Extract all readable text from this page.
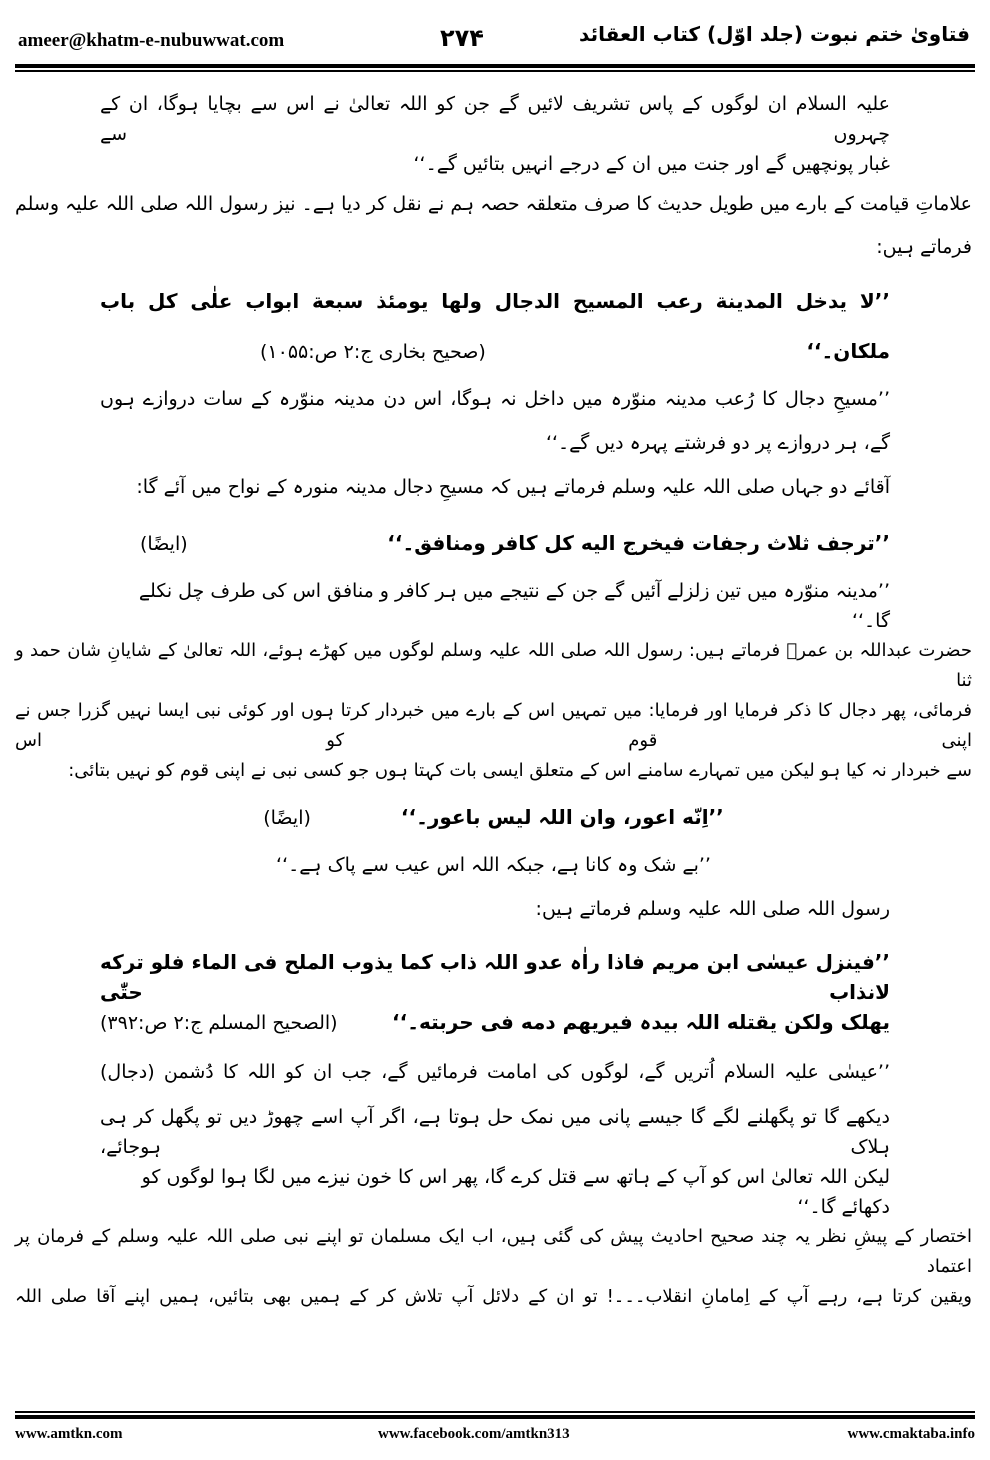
ameer@khatm-e-nubuwwat.com	۲۷۴	فتاویٰ ختم نبوت (جلد اوّل) کتاب العقائد
علیہ السلام ان لوگوں کے پاس تشریف لائیں گے جن کو اللہ تعالیٰ نے اس سے بچایا ہوگا، ان کے چہروں سے
غبار پونچھیں گے اور جنت میں ان کے درجے انہیں بتائیں گے۔‘‘
علاماتِ قیامت کے بارے میں طویل حدیث کا صرف متعلقہ حصہ ہم نے نقل کر دیا ہے۔ نیز رسول اللہ صلی اللہ علیہ وسلم
فرماتے ہیں:
’’لا یدخل المدینة رعب المسیح الدجال ولها یومئذ سبعة ابواب علٰی کل باب
ملکان۔‘‘
(صحیح بخاری ج:۲ ص:۱۰۵۵)
’’مسیحِ دجال کا رُعب مدینہ منوّرہ میں داخل نہ ہوگا، اس دن مدینہ منوّرہ کے سات دروازے ہوں
گے، ہر دروازے پر دو فرشتے پہرہ دیں گے۔‘‘
آقائے دو جہاں صلی اللہ علیہ وسلم فرماتے ہیں کہ مسیحِ دجال مدینہ منورہ کے نواح میں آئے گا:
’’ترجف ثلاث رجفات فیخرج الیه کل کافر ومنافق۔‘‘
(ایضًا)
’’مدینہ منوّرہ میں تین زلزلے آئیں گے جن کے نتیجے میں ہر کافر و منافق اس کی طرف چل نکلے گا۔‘‘
حضرت عبداللہ بن عمرؓ فرماتے ہیں: رسول اللہ صلی اللہ علیہ وسلم لوگوں میں کھڑے ہوئے، اللہ تعالیٰ کے شایانِ شان حمد و ثنا
فرمائی، پھر دجال کا ذکر فرمایا اور فرمایا: میں تمہیں اس کے بارے میں خبردار کرتا ہوں اور کوئی نبی ایسا نہیں گزرا جس نے اپنی قوم کو اس
سے خبردار نہ کیا ہو لیکن میں تمہارے سامنے اس کے متعلق ایسی بات کہتا ہوں جو کسی نبی نے اپنی قوم کو نہیں بتائی:
’’اِنّه اعور، وان اللہ لیس باعور۔‘‘
(ایضًا)
’’بے شک وہ کانا ہے، جبکہ اللہ اس عیب سے پاک ہے۔‘‘
رسول اللہ صلی اللہ علیہ وسلم فرماتے ہیں:
’’فینزل عیسٰی ابن مریم فاذا راٰہ عدو اللہ ذاب کما یذوب الملح فی الماء فلو ترکه لانذاب حتّٰی
یھلک ولکن یقتله اللہ بیدہ فیریھم دمه فی حربته۔‘‘
(الصحیح المسلم ج:۲ ص:۳۹۲)
’’عیسٰی علیہ السلام اُتریں گے، لوگوں کی امامت فرمائیں گے، جب ان کو اللہ کا دُشمن (دجال)
دیکھے گا تو پگھلنے لگے گا جیسے پانی میں نمک حل ہوتا ہے، اگر آپ اسے چھوڑ دیں تو پگھل کر ہی ہلاک ہوجائے،
لیکن اللہ تعالیٰ اس کو آپ کے ہاتھ سے قتل کرے گا، پھر اس کا خون نیزے میں لگا ہوا لوگوں کو دکھائے گا۔‘‘
اختصار کے پیشِ نظر یہ چند صحیح احادیث پیش کی گئی ہیں، اب ایک مسلمان تو اپنے نبی صلی اللہ علیہ وسلم کے فرمان پر اعتماد
ویقین کرتا ہے، رہے آپ کے اِمامانِ انقلاب۔۔۔! تو ان کے دلائل آپ تلاش کر کے ہمیں بھی بتائیں، ہمیں اپنے آقا صلی اللہ
www.amtkn.com	www.facebook.com/amtkn313	www.cmaktaba.info
